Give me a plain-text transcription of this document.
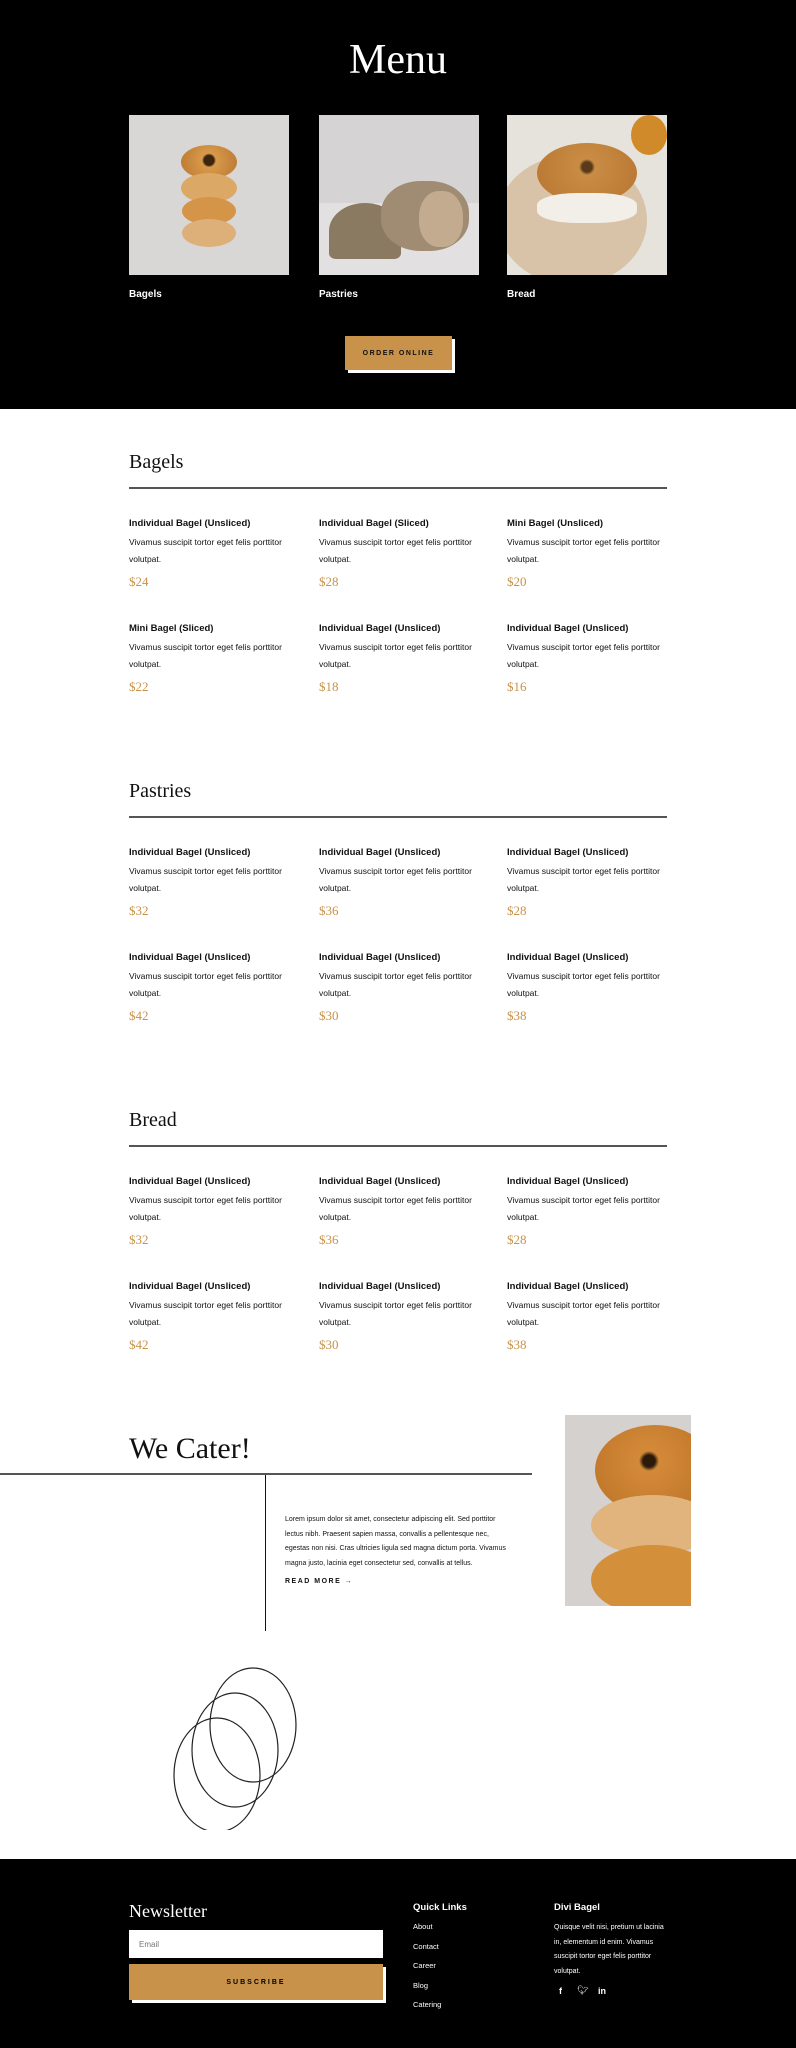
Menu
Bagels	Pastries	Bread
ORDER ONLINE
Bagels
Individual Bagel (Unsliced)
Vivamus suscipit tortor eget felis porttitor volutpat.
$24
Individual Bagel (Sliced)
Vivamus suscipit tortor eget felis porttitor volutpat.
$28
Mini Bagel (Unsliced)
Vivamus suscipit tortor eget felis porttitor volutpat.
$20
Mini Bagel (Sliced)
Vivamus suscipit tortor eget felis porttitor volutpat.
$22
Individual Bagel (Unsliced)
Vivamus suscipit tortor eget felis porttitor volutpat.
$18
Individual Bagel (Unsliced)
Vivamus suscipit tortor eget felis porttitor volutpat.
$16
Pastries
Individual Bagel (Unsliced)
Vivamus suscipit tortor eget felis porttitor volutpat.
$32
Individual Bagel (Unsliced)
Vivamus suscipit tortor eget felis porttitor volutpat.
$36
Individual Bagel (Unsliced)
Vivamus suscipit tortor eget felis porttitor volutpat.
$28
Individual Bagel (Unsliced)
Vivamus suscipit tortor eget felis porttitor volutpat.
$42
Individual Bagel (Unsliced)
Vivamus suscipit tortor eget felis porttitor volutpat.
$30
Individual Bagel (Unsliced)
Vivamus suscipit tortor eget felis porttitor volutpat.
$38
Bread
Individual Bagel (Unsliced)
Vivamus suscipit tortor eget felis porttitor volutpat.
$32
Individual Bagel (Unsliced)
Vivamus suscipit tortor eget felis porttitor volutpat.
$36
Individual Bagel (Unsliced)
Vivamus suscipit tortor eget felis porttitor volutpat.
$28
Individual Bagel (Unsliced)
Vivamus suscipit tortor eget felis porttitor volutpat.
$42
Individual Bagel (Unsliced)
Vivamus suscipit tortor eget felis porttitor volutpat.
$30
Individual Bagel (Unsliced)
Vivamus suscipit tortor eget felis porttitor volutpat.
$38
We Cater!
Lorem ipsum dolor sit amet, consectetur adipiscing elit. Sed porttitor lectus nibh. Praesent sapien massa, convallis a pellentesque nec, egestas non nisi. Cras ultricies ligula sed magna dictum porta. Vivamus magna justo, lacinia eget consectetur sed, convallis at tellus.
READ MORE →
Newsletter
Email
SUBSCRIBE
Quick Links
About
Contact
Career
Blog
Catering
Divi Bagel
Quisque velit nisi, pretium ut lacinia in, elementum id enim. Vivamus suscipit tortor eget felis porttitor volutpat.
f 🐦︎ in
